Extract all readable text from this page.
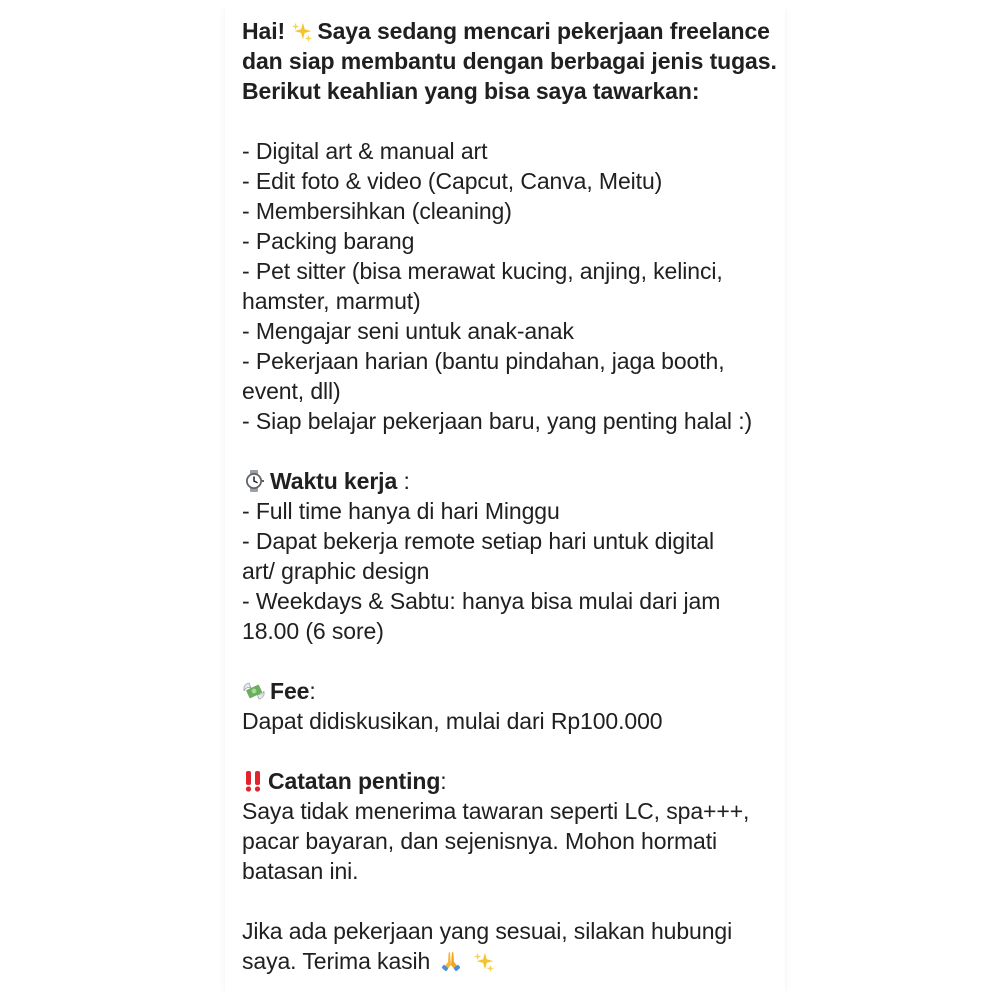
Hai! Saya sedang mencari pekerjaan freelance
dan siap membantu dengan berbagai jenis tugas.
Berikut keahlian yang bisa saya tawarkan:
- Digital art & manual art
- Edit foto & video (Capcut, Canva, Meitu)
- Membersihkan (cleaning)
- Packing barang
- Pet sitter (bisa merawat kucing, anjing, kelinci,
hamster, marmut)
- Mengajar seni untuk anak-anak
- Pekerjaan harian (bantu pindahan, jaga booth,
event, dll)
- Siap belajar pekerjaan baru, yang penting halal :)
Waktu kerja :
- Full time hanya di hari Minggu
- Dapat bekerja remote setiap hari untuk digital
art/ graphic design
- Weekdays & Sabtu: hanya bisa mulai dari jam
18.00 (6 sore)
Fee:
Dapat didiskusikan, mulai dari Rp100.000
Catatan penting:
Saya tidak menerima tawaran seperti LC, spa+++,
pacar bayaran, dan sejenisnya. Mohon hormati
batasan ini.
Jika ada pekerjaan yang sesuai, silakan hubungi
saya. Terima kasih
